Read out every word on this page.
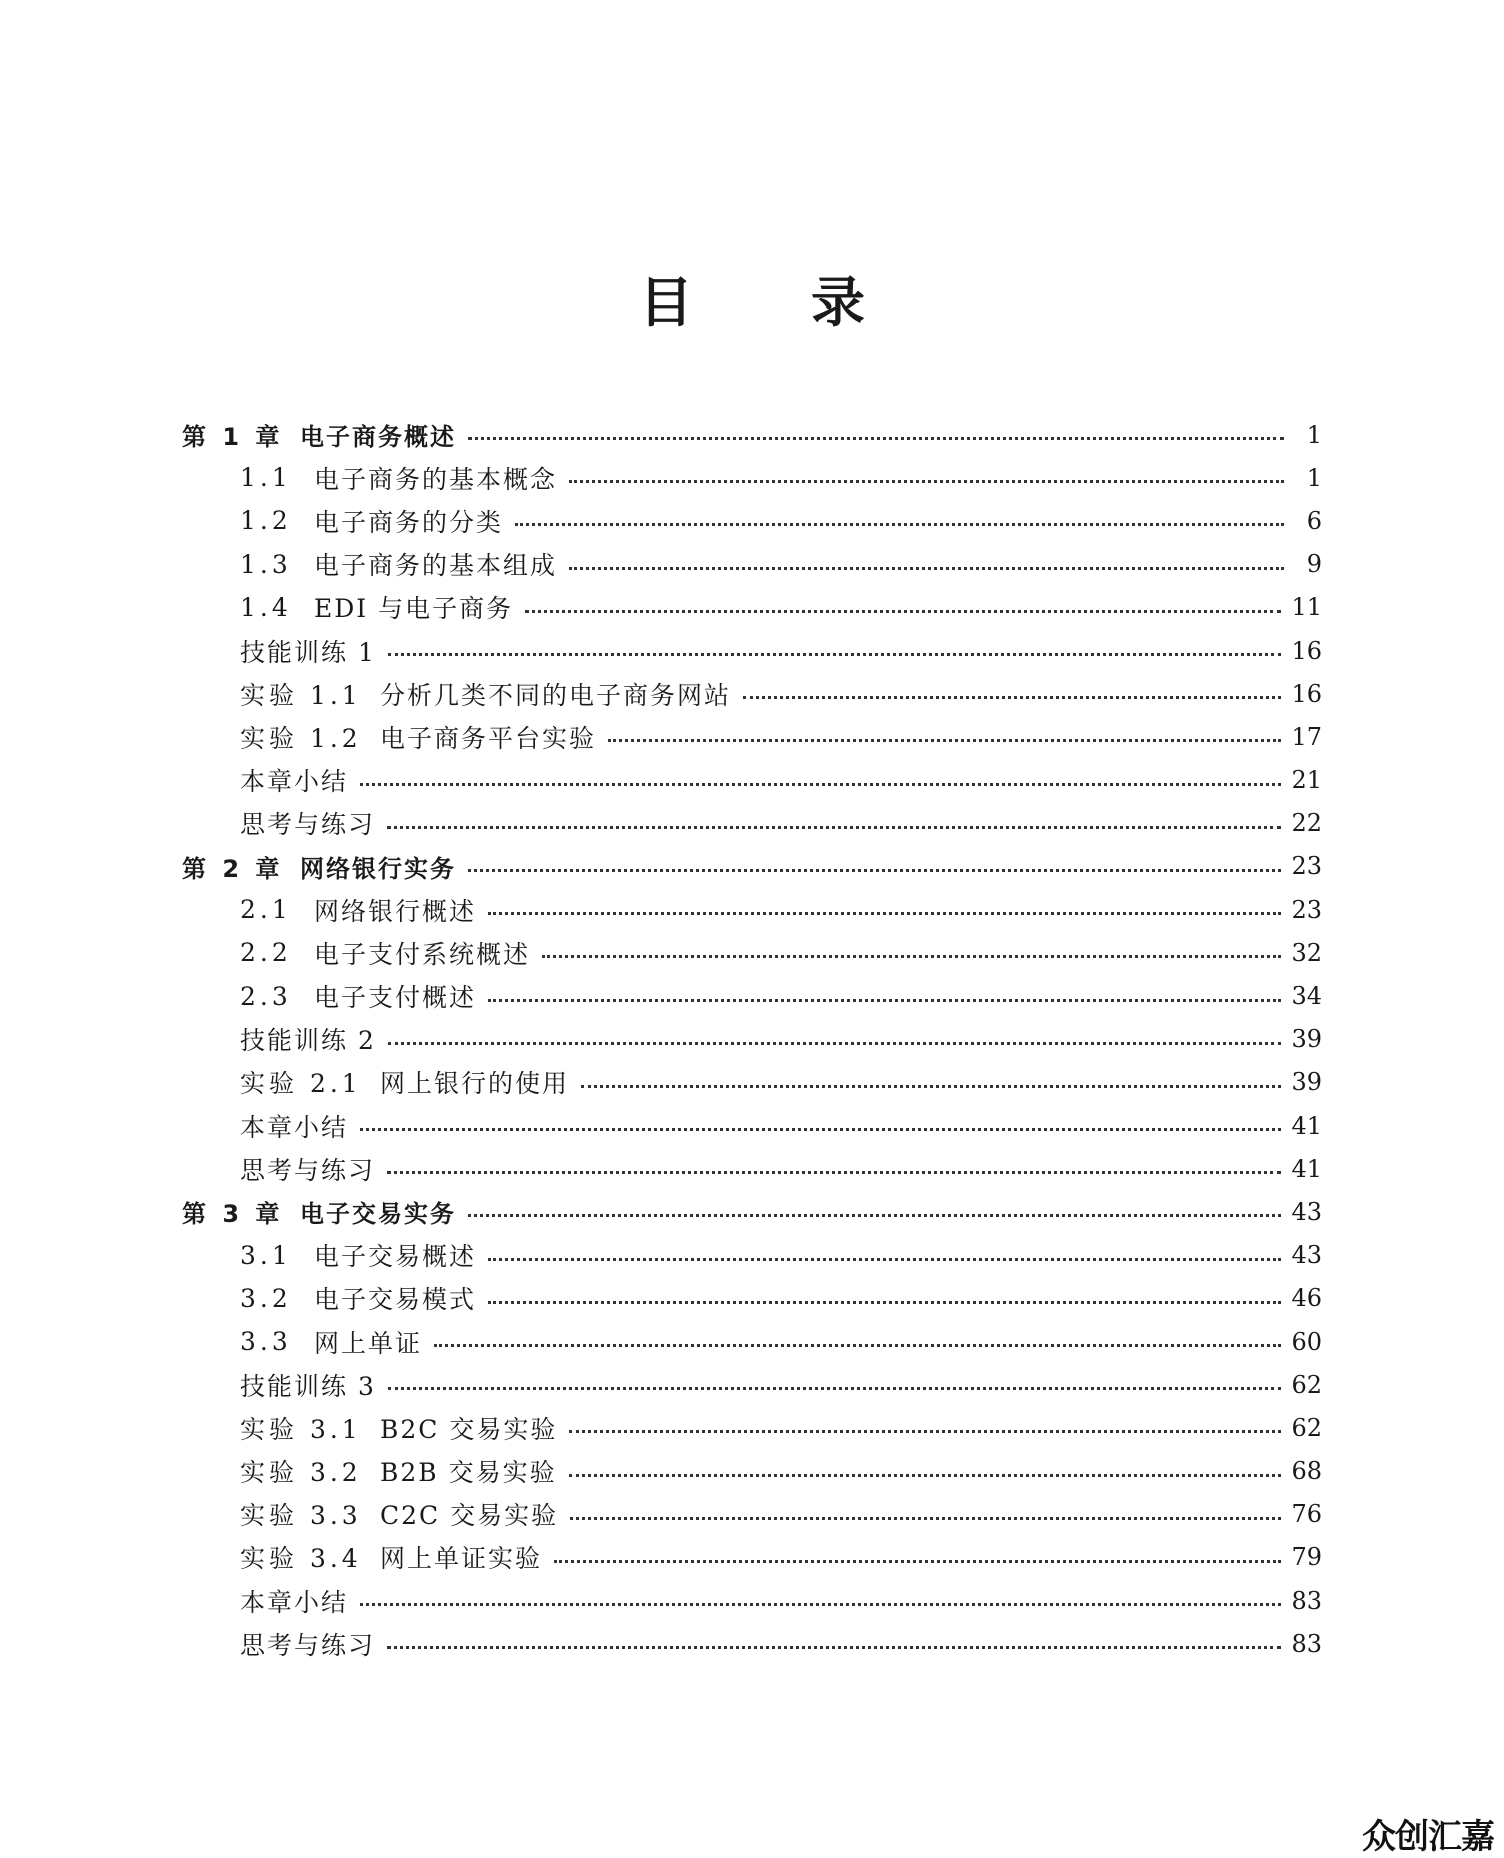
目 录
第 1 章 电子商务概述	1
1.1 电子商务的基本概念	1
1.2 电子商务的分类	6
1.3 电子商务的基本组成	9
1.4 EDI 与电子商务	11
技能训练 1	16
实验 1.1 分析几类不同的电子商务网站	16
实验 1.2 电子商务平台实验	17
本章小结	21
思考与练习	22
第 2 章 网络银行实务	23
2.1 网络银行概述	23
2.2 电子支付系统概述	32
2.3 电子支付概述	34
技能训练 2	39
实验 2.1 网上银行的使用	39
本章小结	41
思考与练习	41
第 3 章 电子交易实务	43
3.1 电子交易概述	43
3.2 电子交易模式	46
3.3 网上单证	60
技能训练 3	62
实验 3.1 B2C 交易实验	62
实验 3.2 B2B 交易实验	68
实验 3.3 C2C 交易实验	76
实验 3.4 网上单证实验	79
本章小结	83
思考与练习	83
众创汇嘉
